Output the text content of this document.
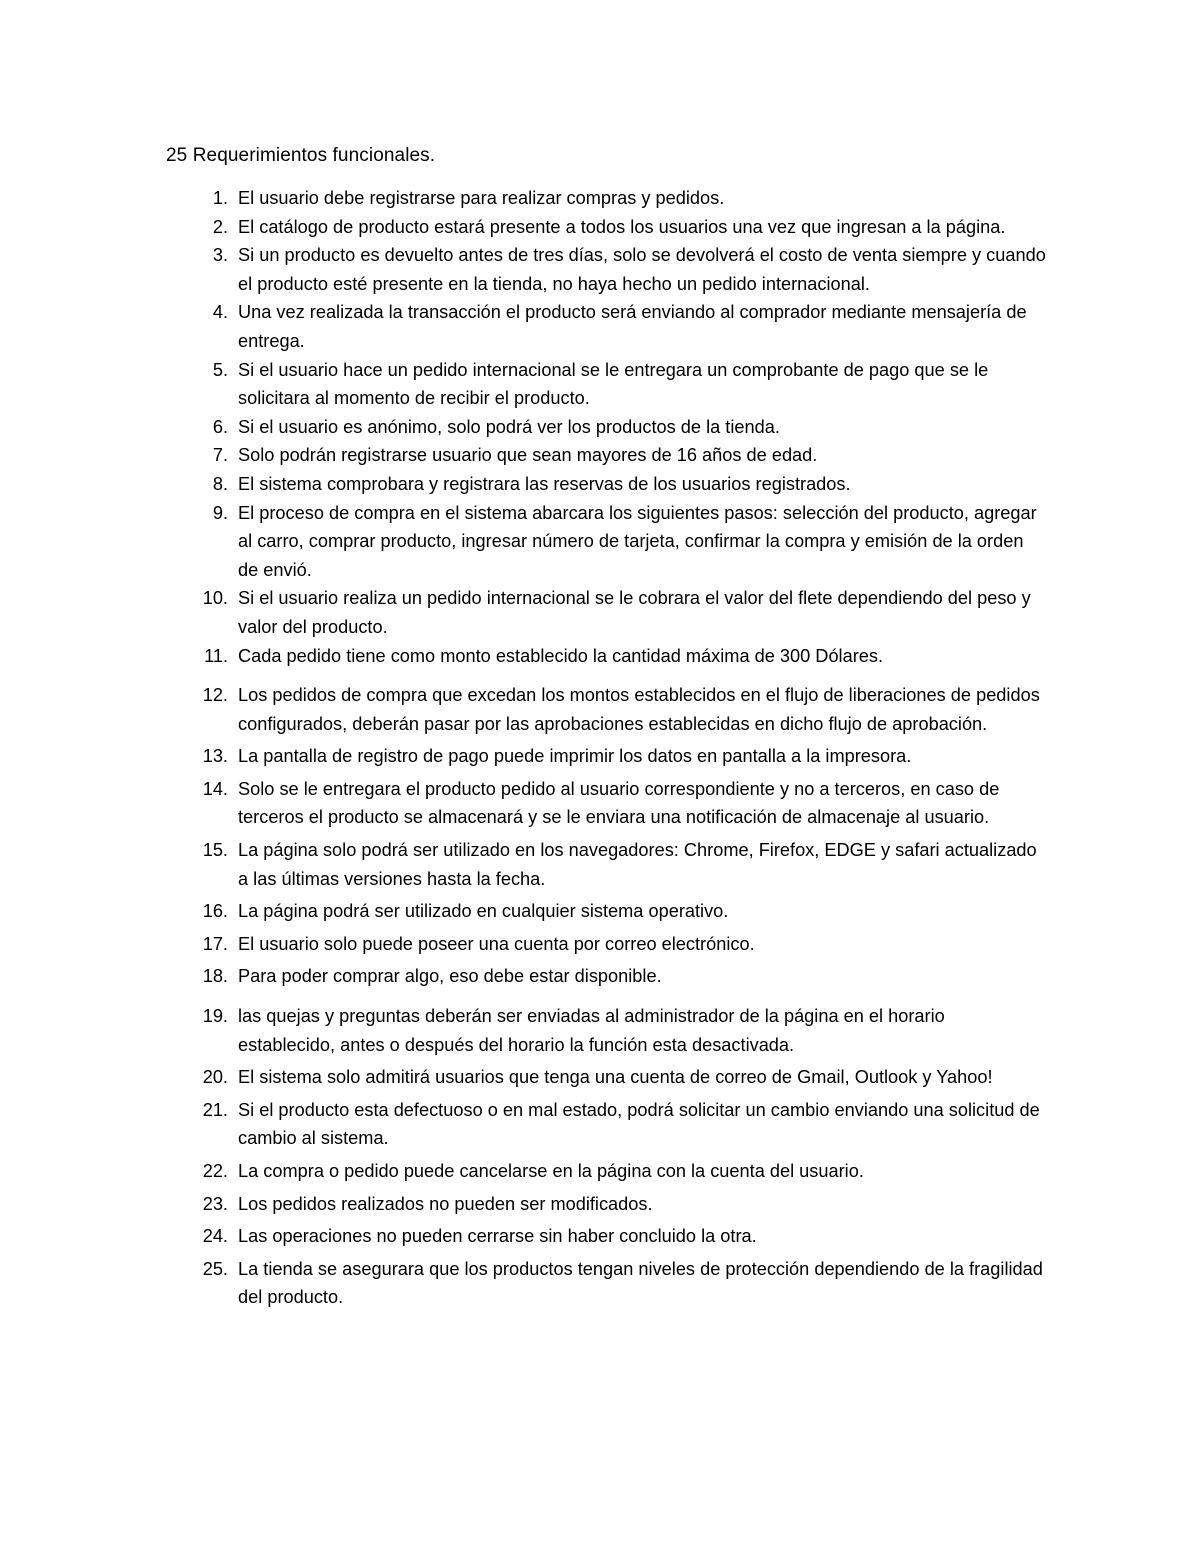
25 Requerimientos funcionales.
1. El usuario debe registrarse para realizar compras y pedidos.
2. El catálogo de producto estará presente a todos los usuarios una vez que ingresan a la página.
3. Si un producto es devuelto antes de tres días, solo se devolverá el costo de venta siempre y cuando el producto esté presente en la tienda, no haya hecho un pedido internacional.
4. Una vez realizada la transacción el producto será enviando al comprador mediante mensajería de entrega.
5. Si el usuario hace un pedido internacional se le entregara un comprobante de pago que se le solicitara al momento de recibir el producto.
6. Si el usuario es anónimo, solo podrá ver los productos de la tienda.
7. Solo podrán registrarse usuario que sean mayores de 16 años de edad.
8. El sistema comprobara y registrara las reservas de los usuarios registrados.
9. El proceso de compra en el sistema abarcara los siguientes pasos: selección del producto, agregar al carro, comprar producto, ingresar número de tarjeta, confirmar la compra y emisión de la orden de envió.
10. Si el usuario realiza un pedido internacional se le cobrara el valor del flete dependiendo del peso y valor del producto.
11. Cada pedido tiene como monto establecido la cantidad máxima de 300 Dólares.
12. Los pedidos de compra que excedan los montos establecidos en el flujo de liberaciones de pedidos configurados, deberán pasar por las aprobaciones establecidas en dicho flujo de aprobación.
13. La pantalla de registro de pago puede imprimir los datos en pantalla a la impresora.
14. Solo se le entregara el producto pedido al usuario correspondiente y no a terceros, en caso de terceros el producto se almacenará y se le enviara una notificación de almacenaje al usuario.
15. La página solo podrá ser utilizado en los navegadores: Chrome, Firefox, EDGE y safari actualizado a las últimas versiones hasta la fecha.
16. La página podrá ser utilizado en cualquier sistema operativo.
17. El usuario solo puede poseer una cuenta por correo electrónico.
18. Para poder comprar algo, eso debe estar disponible.
19. las quejas y preguntas deberán ser enviadas al administrador de la página en el horario establecido, antes o después del horario la función esta desactivada.
20. El sistema solo admitirá usuarios que tenga una cuenta de correo de Gmail, Outlook y Yahoo!
21. Si el producto esta defectuoso o en mal estado, podrá solicitar un cambio enviando una solicitud de cambio al sistema.
22. La compra o pedido puede cancelarse en la página con la cuenta del usuario.
23. Los pedidos realizados no pueden ser modificados.
24. Las operaciones no pueden cerrarse sin haber concluido la otra.
25. La tienda se asegurara que los productos tengan niveles de protección dependiendo de la fragilidad del producto.
